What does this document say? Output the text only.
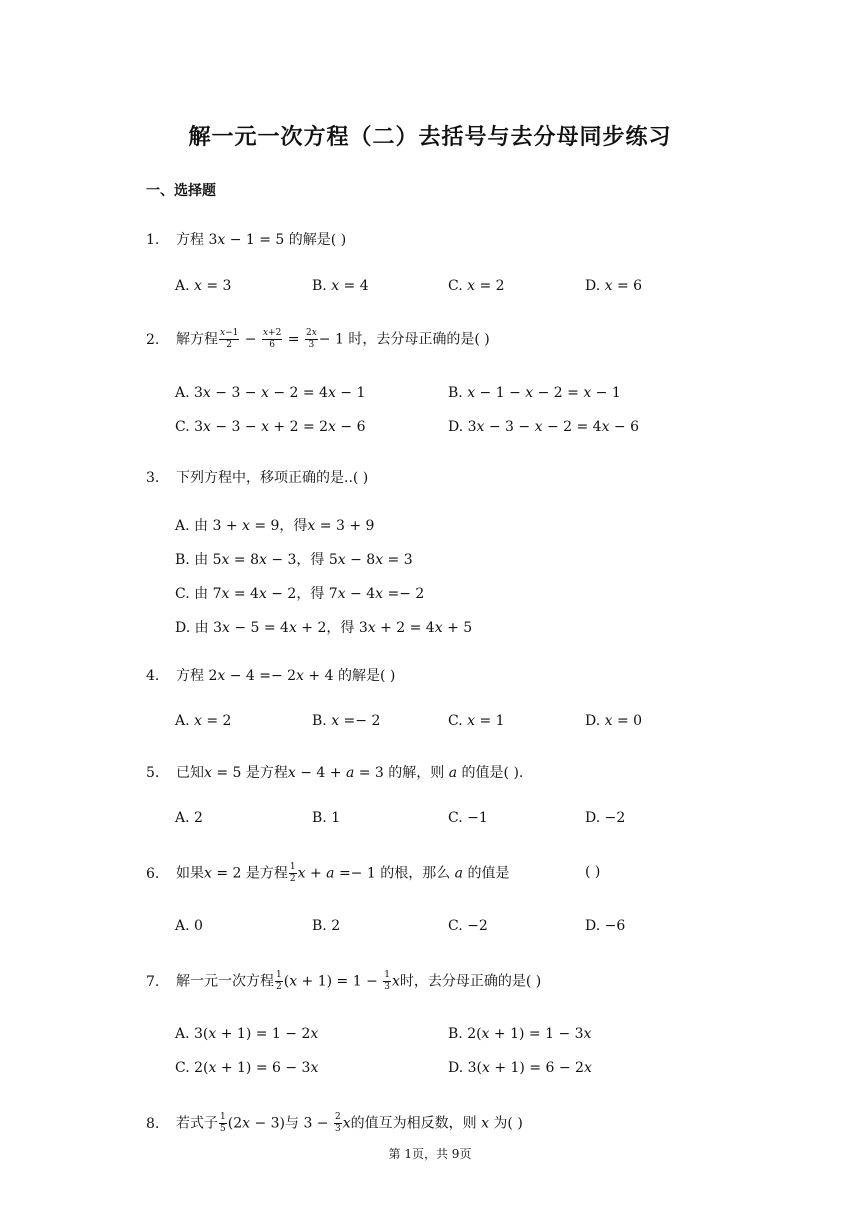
解一元一次方程（二）去括号与去分母同步练习
一、选择题
1. 方程 3𝑥 − 1 = 5 的解是( )
A. 𝑥 = 3	B. 𝑥 = 4	C. 𝑥 = 2	D. 𝑥 = 6
2. 解方程 $\frac{\text{𝑥−1}}{2} - \frac{\text{𝑥+2}}{6} = \frac{\text{2𝑥}}{3} - 1$ 时，去分母正确的是( )
A. 3𝑥 − 3 − 𝑥 − 2 = 4𝑥 − 1	B. 𝑥 − 1 − 𝑥 − 2 = 𝑥 − 1
C. 3𝑥 − 3 − 𝑥 + 2 = 2𝑥 − 6	D. 3𝑥 − 3 − 𝑥 − 2 = 4𝑥 − 6
3. 下列方程中，移项正确的是..( )
A. 由 3 + 𝑥 = 9，得𝑥 = 3 + 9
B. 由 5𝑥 = 8𝑥 − 3，得 5𝑥 − 8𝑥 = 3
C. 由 7𝑥 = 4𝑥 − 2，得 7𝑥 − 4𝑥 =− 2
D. 由 3𝑥 − 5 = 4𝑥 + 2，得 3𝑥 + 2 = 4𝑥 + 5
4. 方程 2𝑥 − 4 =− 2𝑥 + 4 的解是( )
A. 𝑥 = 2	B. 𝑥 =− 2	C. 𝑥 = 1	D. 𝑥 = 0
5. 已知𝑥 = 5 是方程𝑥 − 4 + 𝑎 = 3 的解，则 𝑎 的值是( ).
A. 2	B. 1	C. −1	D. −2
6. 如果𝑥 = 2 是方程 $\frac{1}{2}$ 𝑥 + 𝑎 =− 1 的根，那么 𝑎 的值是	( )
A. 0	B. 2	C. −2	D. −6
7. 解一元一次方程 $\frac{1}{2}$ (𝑥 + $1) = 1 - \frac{1}{3}$ 𝑥时，去分母正确的是( )
A. 3(𝑥 + 1) = 1 − 2𝑥	B. 2(𝑥 + 1) = 1 − 3𝑥
C. 2(𝑥 + 1) = 6 − 3𝑥	D. 3(𝑥 + 1) = 6 − 2𝑥
8. 若式子 $\frac{1}{5}$ (2𝑥 − 3)与 $3 - \frac{2}{3}$ 𝑥的值互为相反数，则 𝑥 为( )
第 1页，共 9页
